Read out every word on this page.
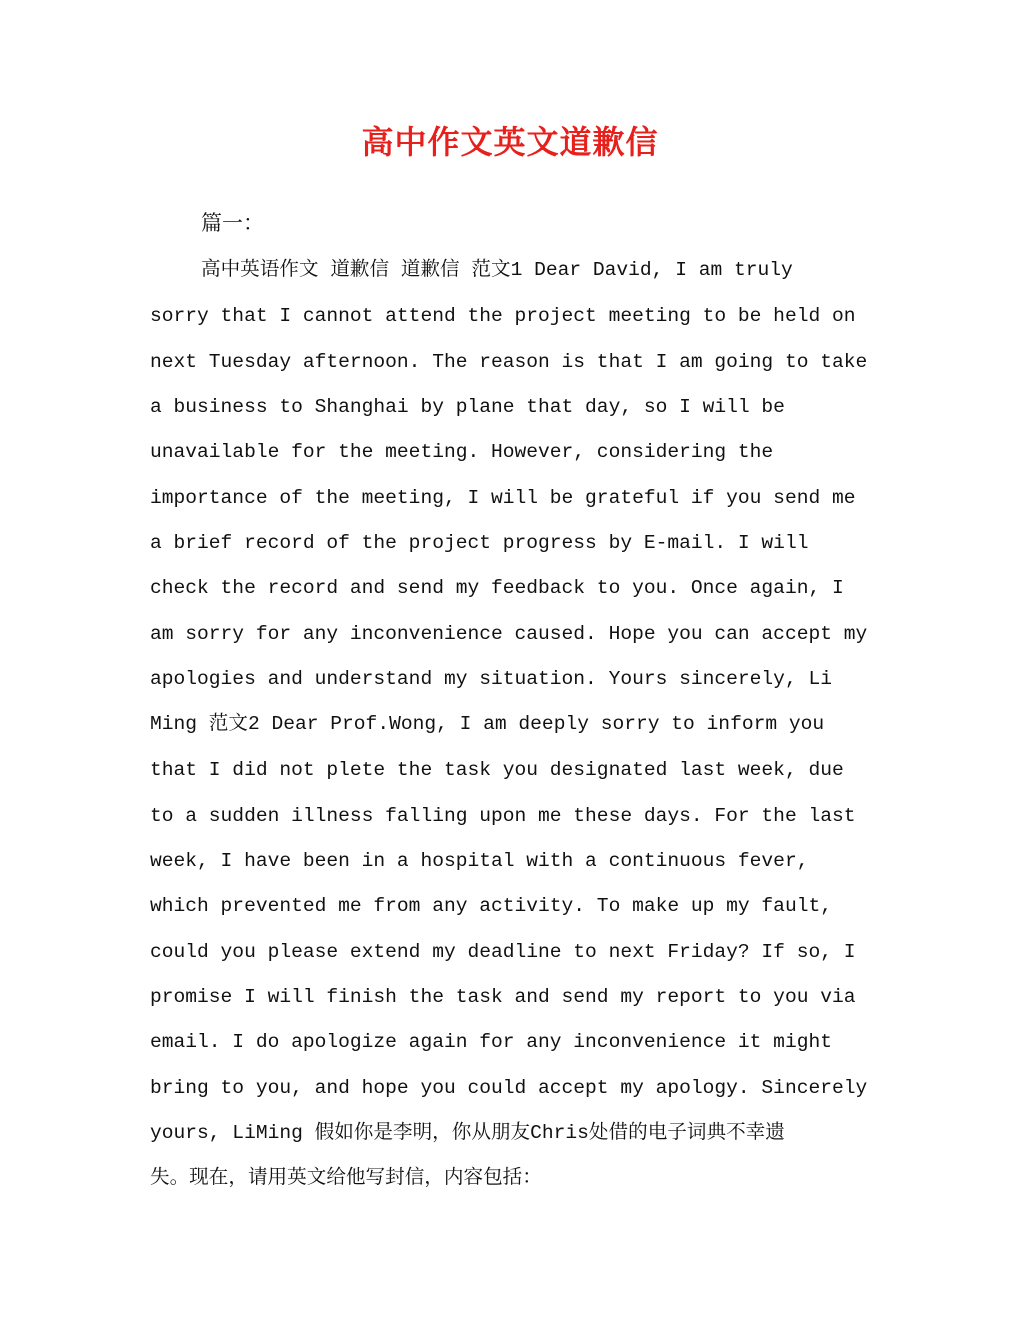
高中作文英文道歉信
篇一：
高中英语作文 道歉信 道歉信 范文1 Dear David, I am truly
sorry that I cannot attend the project meeting to be held on
next Tuesday afternoon. The reason is that I am going to take
a business to Shanghai by plane that day, so I will be
unavailable for the meeting. However, considering the
importance of the meeting, I will be grateful if you send me
a brief record of the project progress by E-mail. I will
check the record and send my feedback to you. Once again, I
am sorry for any inconvenience caused. Hope you can accept my
apologies and understand my situation. Yours sincerely, Li
Ming 范文2 Dear Prof.Wong, I am deeply sorry to inform you
that I did not plete the task you designated last week, due
to a sudden illness falling upon me these days. For the last
week, I have been in a hospital with a continuous fever,
which prevented me from any activity. To make up my fault,
could you please extend my deadline to next Friday? If so, I
promise I will finish the task and send my report to you via
email. I do apologize again for any inconvenience it might
bring to you, and hope you could accept my apology. Sincerely
yours, LiMing 假如你是李明，你从朋友Chris处借的电子词典不幸遗
失。现在，请用英文给他写封信，内容包括：
